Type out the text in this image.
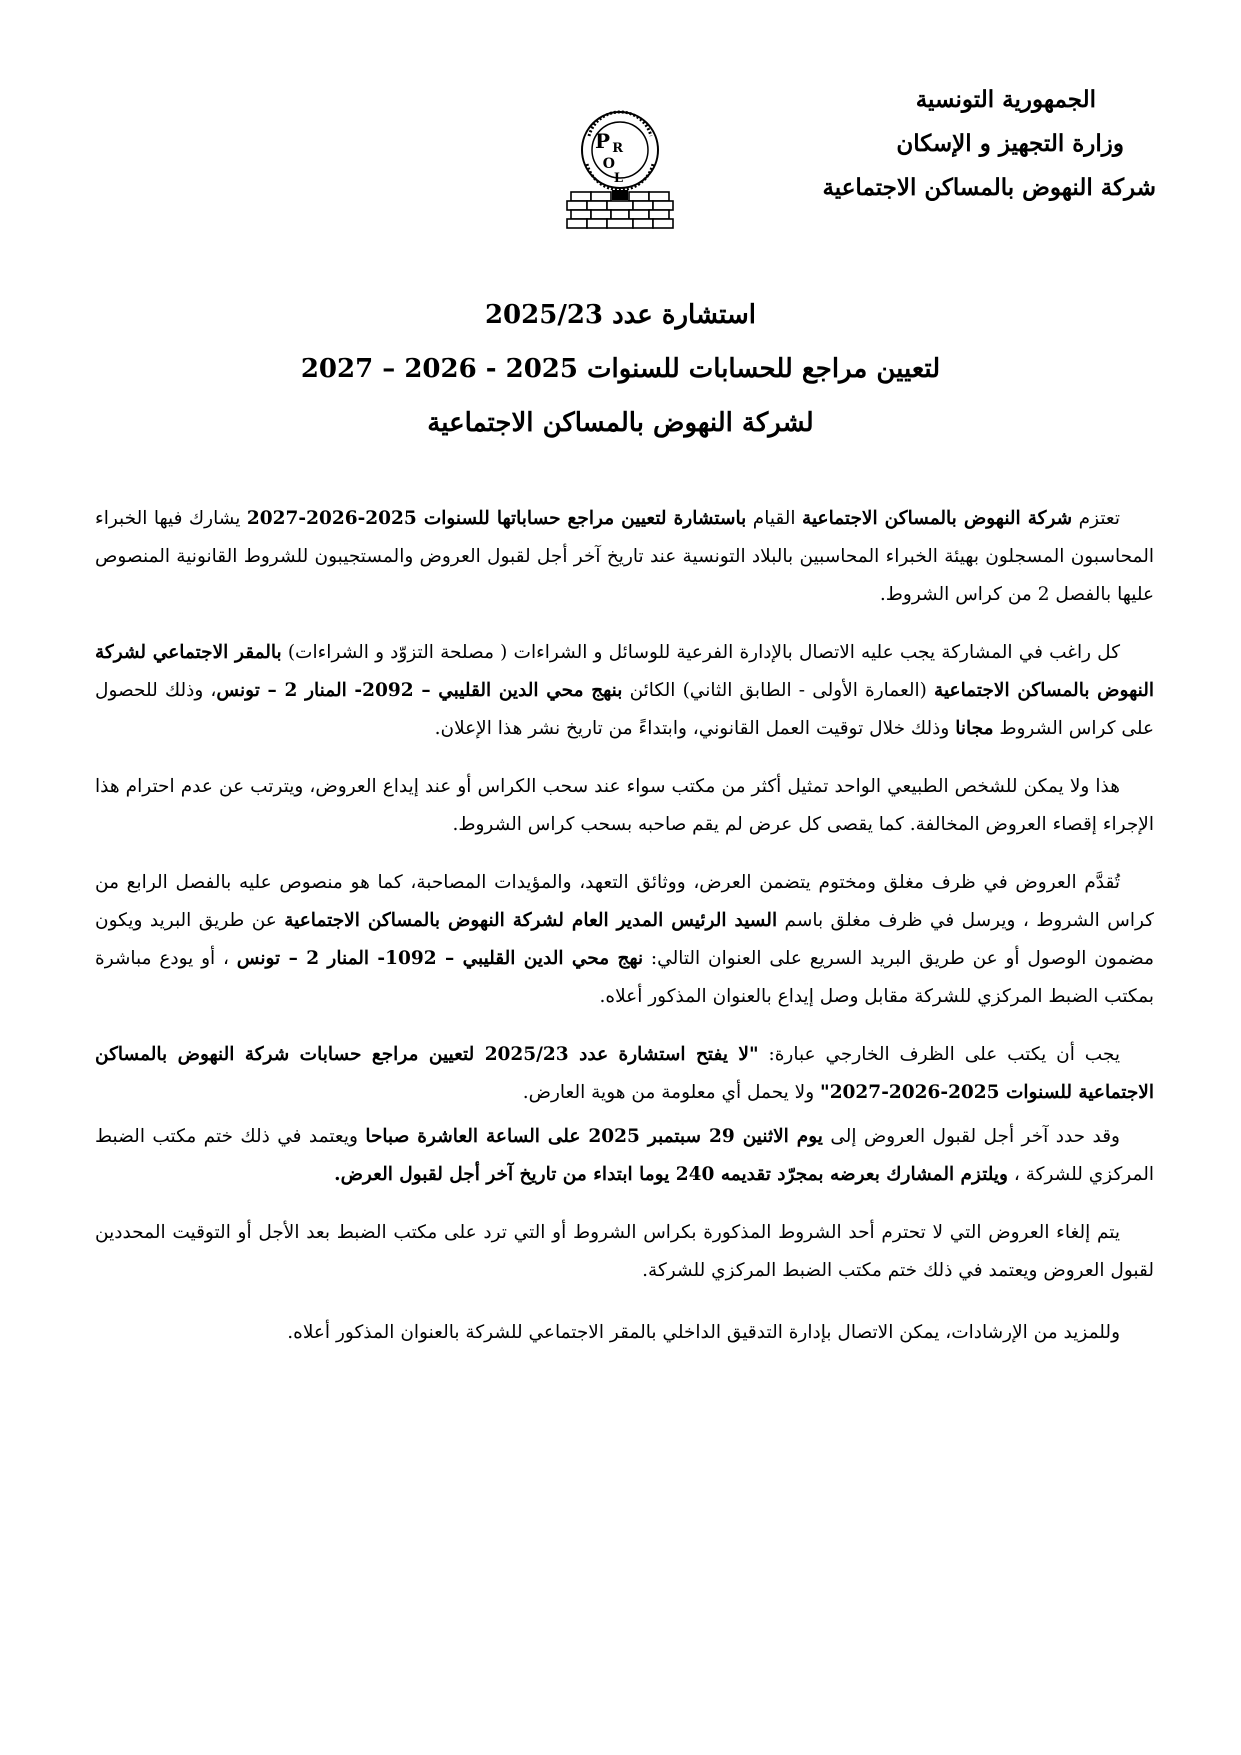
الجمهورية التونسية
وزارة التجهيز و الإسكان
شركة النهوض بالمساكن الاجتماعية
P R
O
L
استشارة عدد 2025/23
لتعيين مراجع للحسابات للسنوات 2025 - 2026 – 2027
لشركة النهوض بالمساكن الاجتماعية

تعتزم شركة النهوض بالمساكن الاجتماعية القيام باستشارة لتعيين مراجع حساباتها للسنوات 2025-2026-2027 يشارك فيها الخبراء المحاسبون المسجلون بهيئة الخبراء المحاسبين بالبلاد التونسية عند تاريخ آخر أجل لقبول العروض والمستجيبون للشروط القانونية المنصوص عليها بالفصل 2 من كراس الشروط.

كل راغب في المشاركة يجب عليه الاتصال بالإدارة الفرعية للوسائل و الشراءات ( مصلحة التزوّد و الشراءات) بالمقر الاجتماعي لشركة النهوض بالمساكن الاجتماعية (العمارة الأولى - الطابق الثاني) الكائن بنهج محي الدين القليبي – 2092- المنار 2 – تونس، وذلك للحصول على كراس الشروط مجانا وذلك خلال توقيت العمل القانوني، وابتداءً من تاريخ نشر هذا الإعلان.

هذا ولا يمكن للشخص الطبيعي الواحد تمثيل أكثر من مكتب سواء عند سحب الكراس أو عند إيداع العروض، ويترتب عن عدم احترام هذا الإجراء إقصاء العروض المخالفة. كما يقصى كل عرض لم يقم صاحبه بسحب كراس الشروط.

تُقدَّم العروض في ظرف مغلق ومختوم يتضمن العرض، ووثائق التعهد، والمؤيدات المصاحبة، كما هو منصوص عليه بالفصل الرابع من كراس الشروط ، ويرسل في ظرف مغلق باسم السيد الرئيس المدير العام لشركة النهوض بالمساكن الاجتماعية عن طريق البريد ويكون مضمون الوصول أو عن طريق البريد السريع على العنوان التالي: نهج محي الدين القليبي – 1092- المنار 2 – تونس ، أو يودع مباشرة بمكتب الضبط المركزي للشركة مقابل وصل إيداع بالعنوان المذكور أعلاه.

يجب أن يكتب على الظرف الخارجي عبارة: "لا يفتح استشارة عدد 2025/23 لتعيين مراجع حسابات شركة النهوض بالمساكن الاجتماعية للسنوات 2025-2026-2027" ولا يحمل أي معلومة من هوية العارض.

وقد حدد آخر أجل لقبول العروض إلى يوم الاثنين 29 سبتمبر 2025 على الساعة العاشرة صباحا ويعتمد في ذلك ختم مكتب الضبط المركزي للشركة ، ويلتزم المشارك بعرضه بمجرّد تقديمه 240 يوما ابتداء من تاريخ آخر أجل لقبول العرض.

يتم إلغاء العروض التي لا تحترم أحد الشروط المذكورة بكراس الشروط أو التي ترد على مكتب الضبط بعد الأجل أو التوقيت المحددين لقبول العروض ويعتمد في ذلك ختم مكتب الضبط المركزي للشركة.

وللمزيد من الإرشادات، يمكن الاتصال بإدارة التدقيق الداخلي بالمقر الاجتماعي للشركة بالعنوان المذكور أعلاه.
